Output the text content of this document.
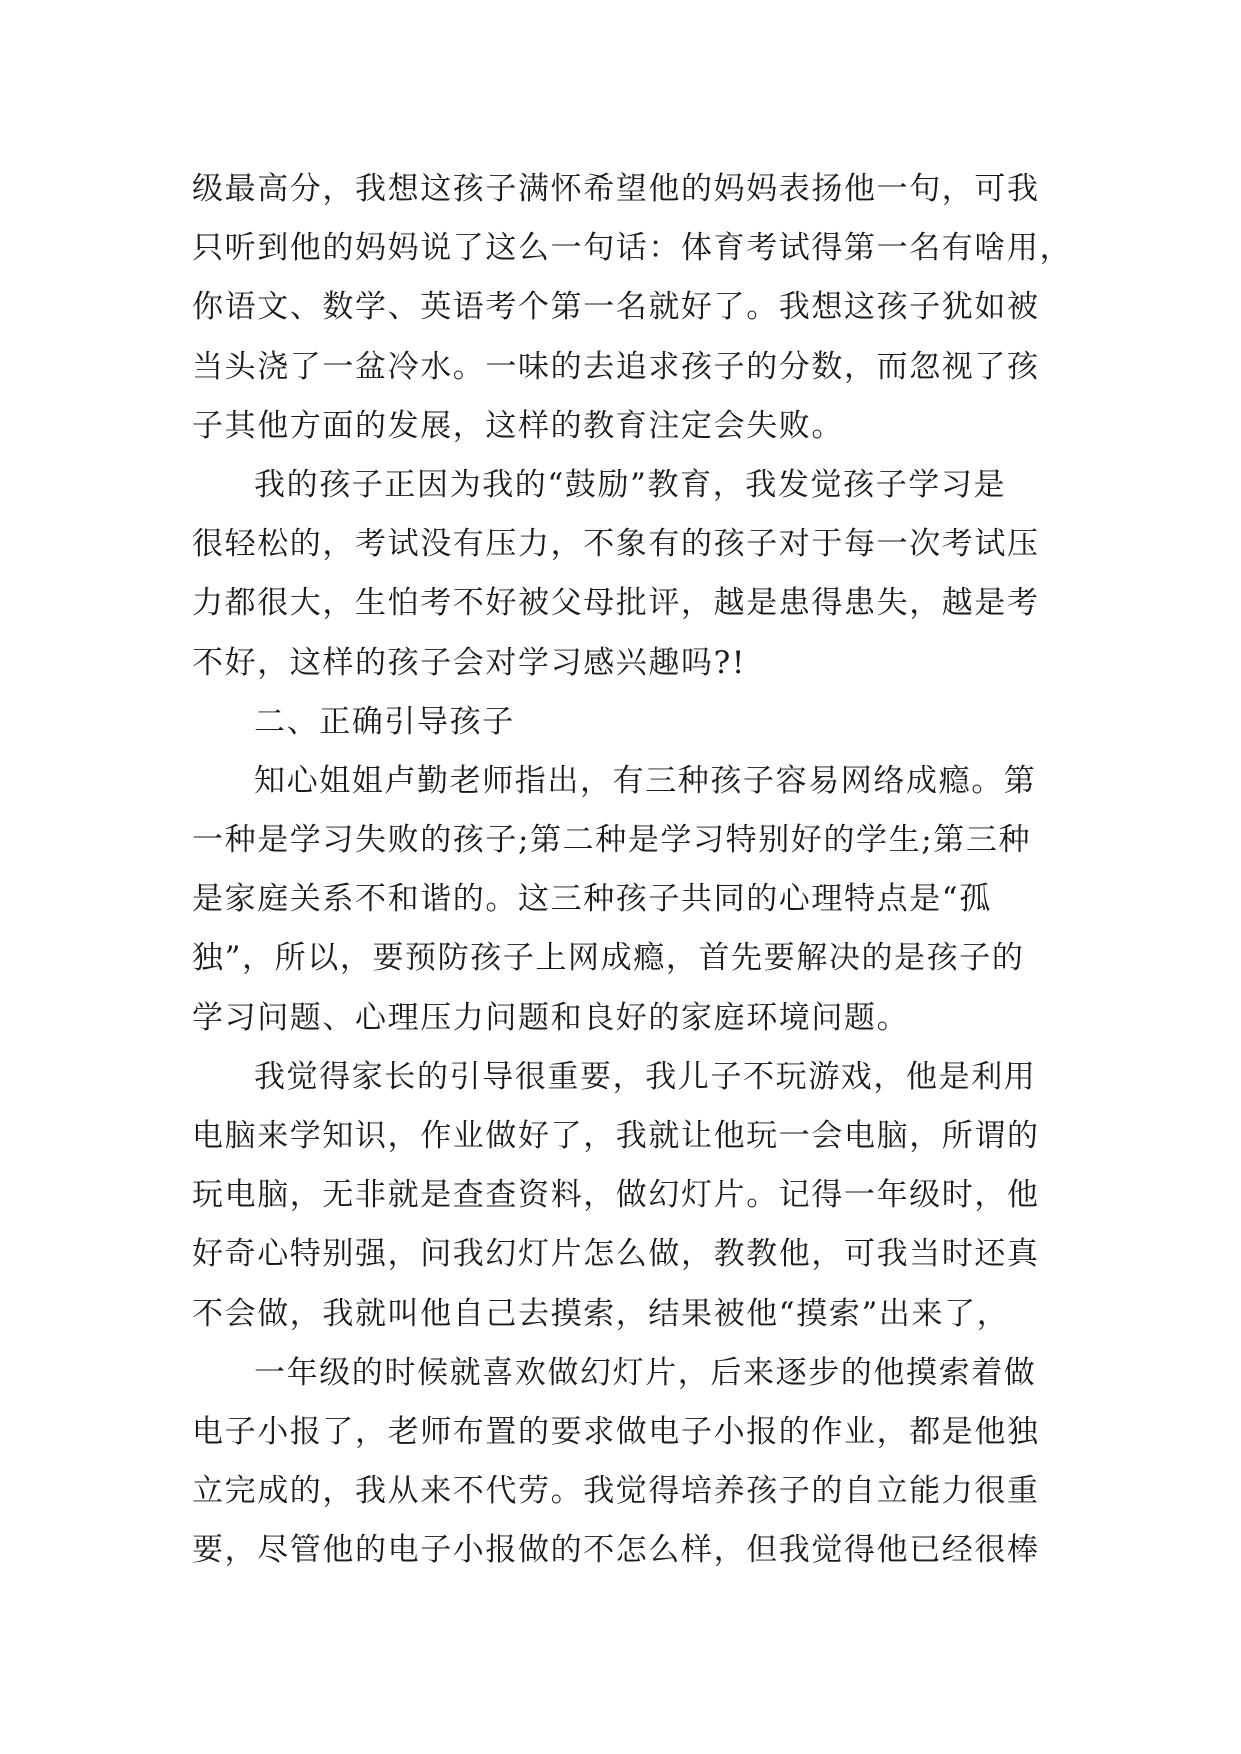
级最高分，我想这孩子满怀希望他的妈妈表扬他一句，可我
只听到他的妈妈说了这么一句话：体育考试得第一名有啥用，
你语文、数学、英语考个第一名就好了。我想这孩子犹如被
当头浇了一盆冷水。一味的去追求孩子的分数，而忽视了孩
子其他方面的发展，这样的教育注定会失败。
我的孩子正因为我的“鼓励”教育，我发觉孩子学习是
很轻松的，考试没有压力，不象有的孩子对于每一次考试压
力都很大，生怕考不好被父母批评，越是患得患失，越是考
不好，这样的孩子会对学习感兴趣吗?!
二、正确引导孩子
知心姐姐卢勤老师指出，有三种孩子容易网络成瘾。第
一种是学习失败的孩子;第二种是学习特别好的学生;第三种
是家庭关系不和谐的。这三种孩子共同的心理特点是“孤
独”，所以，要预防孩子上网成瘾，首先要解决的是孩子的
学习问题、心理压力问题和良好的家庭环境问题。
我觉得家长的引导很重要，我儿子不玩游戏，他是利用
电脑来学知识，作业做好了，我就让他玩一会电脑，所谓的
玩电脑，无非就是查查资料，做幻灯片。记得一年级时，他
好奇心特别强，问我幻灯片怎么做，教教他，可我当时还真
不会做，我就叫他自己去摸索，结果被他“摸索”出来了，
一年级的时候就喜欢做幻灯片，后来逐步的他摸索着做
电子小报了，老师布置的要求做电子小报的作业，都是他独
立完成的，我从来不代劳。我觉得培养孩子的自立能力很重
要，尽管他的电子小报做的不怎么样，但我觉得他已经很棒
